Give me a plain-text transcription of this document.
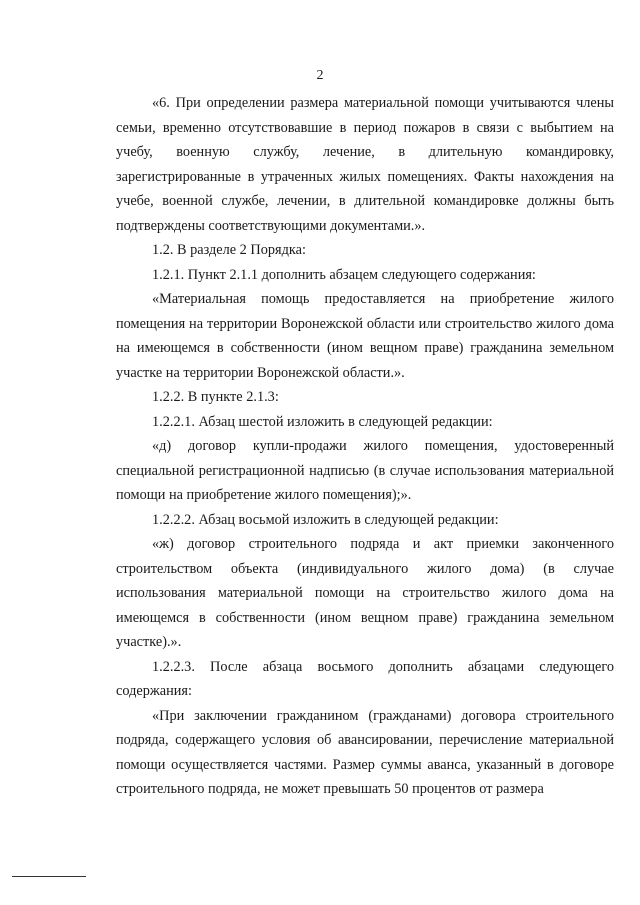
2

«6. При определении размера материальной помощи учитываются члены семьи, временно отсутствовавшие в период пожаров в связи с выбытием на учебу, военную службу, лечение, в длительную командировку, зарегистрированные в утраченных жилых помещениях. Факты нахождения на учебе, военной службе, лечении, в длительной командировке должны быть подтверждены соответствующими документами.».

1.2. В разделе 2 Порядка:

1.2.1. Пункт 2.1.1 дополнить абзацем следующего содержания:

«Материальная помощь предоставляется на приобретение жилого помещения на территории Воронежской области или строительство жилого дома на имеющемся в собственности (ином вещном праве) гражданина земельном участке на территории Воронежской области.».

1.2.2. В пункте 2.1.3:

1.2.2.1. Абзац шестой изложить в следующей редакции:

«д) договор купли-продажи жилого помещения, удостоверенный специальной регистрационной надписью (в случае использования материальной помощи на приобретение жилого помещения);».

1.2.2.2. Абзац восьмой изложить в следующей редакции:

«ж) договор строительного подряда и акт приемки законченного строительством объекта (индивидуального жилого дома) (в случае использования материальной помощи на строительство жилого дома на имеющемся в собственности (ином вещном праве) гражданина земельном участке).».

1.2.2.3. После абзаца восьмого дополнить абзацами следующего содержания:

«При заключении гражданином (гражданами) договора строительного подряда, содержащего условия об авансировании, перечисление материальной помощи осуществляется частями. Размер суммы аванса, указанный в договоре строительного подряда, не может превышать 50 процентов от размера
